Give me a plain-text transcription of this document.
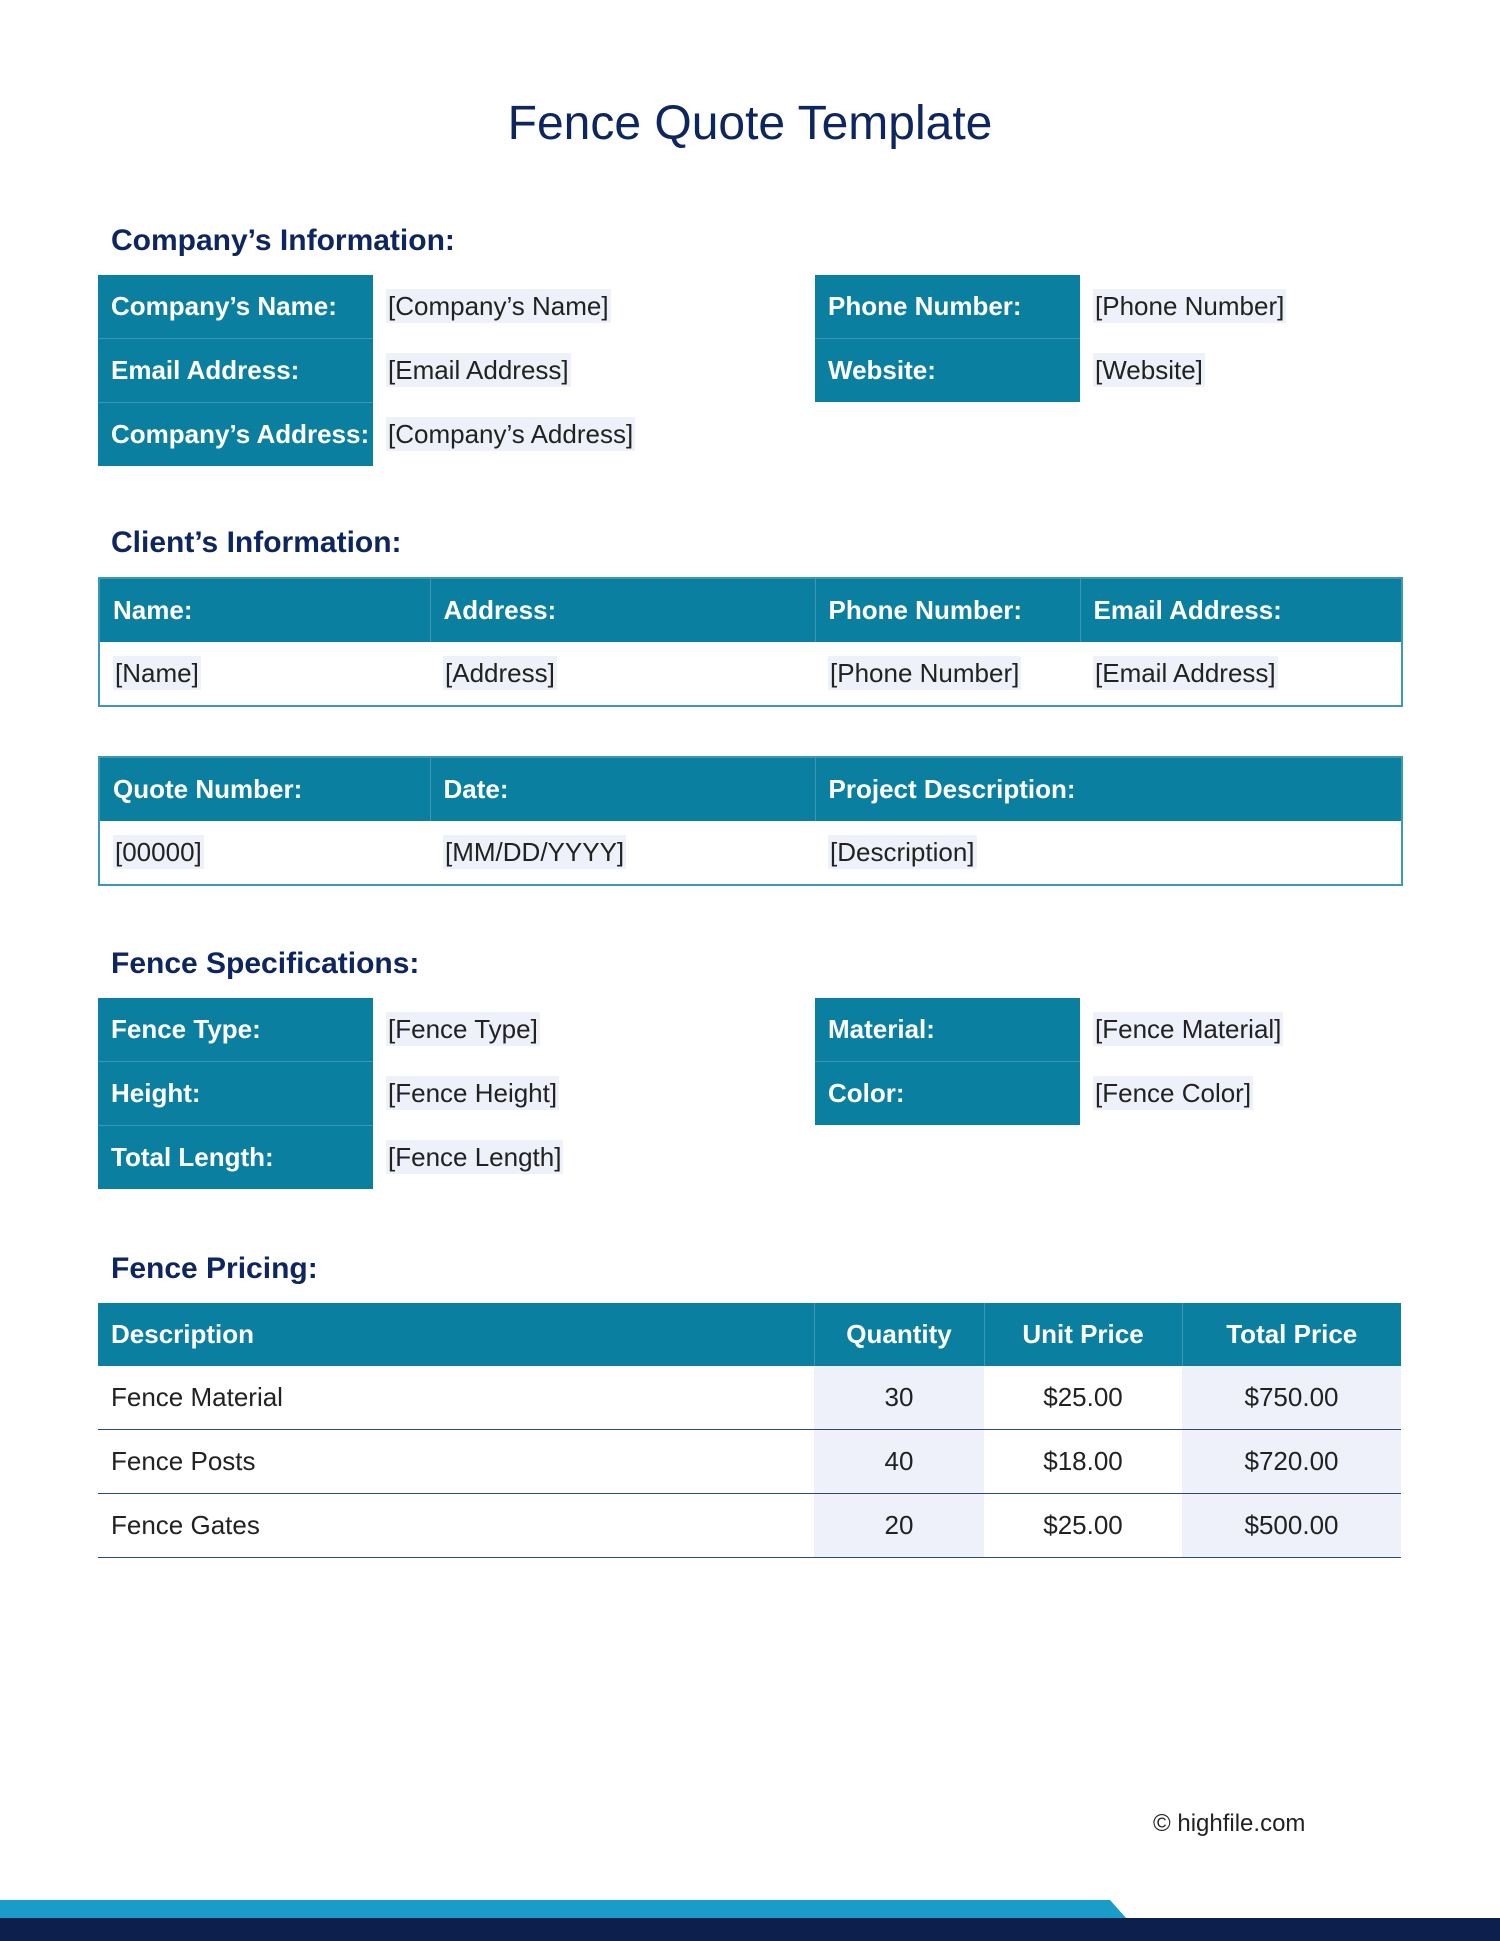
Fence Quote Template
Company’s Information:
Company’s Name:	[Company’s Name]
Email Address:	[Email Address]
Company’s Address:	[Company’s Address]
Phone Number:	[Phone Number]
Website:	[Website]
Client’s Information:
Name:	Address:	Phone Number:	Email Address:
[Name]	[Address]	[Phone Number]	[Email Address]
Quote Number:	Date:	Project Description:
[00000]	[MM/DD/YYYY]	[Description]
Fence Specifications:
Fence Type:	[Fence Type]
Height:	[Fence Height]
Total Length:	[Fence Length]
Material:	[Fence Material]
Color:	[Fence Color]
Fence Pricing:
Description	Quantity	Unit Price	Total Price
Fence Material	30	$25.00	$750.00
Fence Posts	40	$18.00	$720.00
Fence Gates	20	$25.00	$500.00
© highfile.com
